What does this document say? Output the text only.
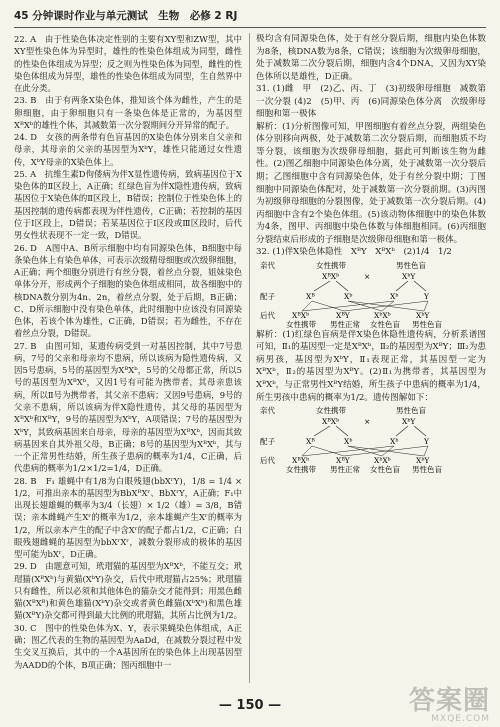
45 分钟课时作业与单元测试　生物　必修 2 RJ

22. A　由于性染色体决定性别的主要有XY型和ZW型，其中XY型性染色体为异型时，雄性的性染色体组成为同型，雌性的性染色体组成为异型；反之则为性染色体为同型，雌性的性染色体组成为异型，雄性的性染色体组成为同型，生自然界中在此分类。

23. B　由于有两条X染色体，推知该个体为雌性，产生的是卵细胞，由于卵细胞只有一条染色体是正常的，为基因型XᴮXᵇ的雄性个体，其减数第一次分裂期间分开异常的配子。

24. D　女孩的两条带有色盲基因的X染色体分别来自父亲和母亲，其母亲的父亲的基因型为XᵇY，雄性只能通过女性遗传，XᵇY母亲的X染色体上。

25. A　抗维生素D佝偻病为伴X显性遗传病，致病基因位于X染色体的Ⅱ区段上，A正确；红绿色盲为伴X隐性遗传病，致病基因位于X染色体的Ⅱ区段上，B错误；控制位于性染色体上的基因控制的遗传病都表现为伴性遗传，C正确；若控制的基因位于Ⅰ区段上，D错误；若某基因位于Ⅰ区段或Ⅲ区段时，后代男女性状表现不一定一致，D错误。

26. D　A图中A、B所示细胞中均有同源染色体，B细胞中每条染色体上有染色单体，可表示次级精母细胞或次级卵细胞，A正确；两个细胞分别进行有丝分裂，着丝点分裂，姐妹染色单体分开，形成两个子细胞的染色体组成相同，故各细胞中的核DNA数分别为4n、2n，着丝点分裂，处于后期，B正确；C、D所示细胞中没有染色单体，此时细胞中应该没有同源染色体，若该个体为雄性，C正确，D错误；若为雌性，不存在着丝点分裂，D错误。

27. B　由图可知，某遗传病受到一对基因控制，其中7号患病，7号的父亲和母亲均不患病，所以该病为隐性遗传病，又因5号患病，5号的基因型为XᴮXᵇ，5号的父母都正常，所以5号的基因型为XᴮXᵇ，又因1号有可能为携带者，其母亲患该病，所以Ⅱ号为携带者，其父亲不患病；又因9号患病，9号的父亲不患病，所以该病为伴X隐性遗传，其父母的基因型为XᴮXᵇ和XᴮY，9号的基因型为XᵇY，A项错误；7号的基因型为XᵇY，其致病基因来自母亲，母亲的基因型为XᴮXᵇ，因而其致病基因来自其外祖父母，B正确；8号的基因型为XᴮXᵇ，其与一个正常男性结婚，所生孩子患病的概率为1/4，C正确，后代患病的概率为1/2×1/2=1/4，D正确。

28. B　F₁ 雄蝇中有1/8为白眼残翅(bbXʳY)，1/8 = 1/4 × 1/2，可推出亲本的基因型为BbXᴿXʳ、BbXʳY，A正确；F₁中出现长翅雄蝇的概率为3/4（长翅）× 1/2（雄）= 3/8，B错误；亲本雌蝇产生Xʳ的概率为1/2，亲本雄蝇产生Xʳ的概率为1/2，所以亲本产生的配子中含Xʳ的配子都占1/2，C正确；白眼残翅雌蝇的基因型为bbXʳXʳ，减数分裂形成的极体的基因型可能为bXʳ，D正确。

29. D　由题意可知，玳瑁猫的基因型为XᴮXᵇ，不能互交；玳瑁猫(XᴮXᵇ)与黄猫(XᵇY)杂交，后代中玳瑁猫占25%；玳瑁猫只有雌性，所以必须和其他体色的猫杂交才能得到；用黑色雌猫(XᴮXᴮ)和黄色雄猫(XᵇY)杂交或者黄色雌猫(XᵇXᵇ)和黑色雄猫(XᴮY)杂交都可得到最大比例的玳瑁猫，其所占比例为1/2。

30. C　图中的性染色体为X、Y，表示果蝇染色体组成，A正确；图乙代表的生物的基因型为AaDd，在减数分裂过程中发生交叉互换后，其中的一个A基因所在的染色体上出现基因型为AADD的个体，B项正确；图丙细胞中一

极均含有同源染色体，处于有丝分裂后期，细胞内染色体数为8条，核DNA数为8条，C错误；该细胞为次级卵母细胞，处于减数第二次分裂后期，细胞内含4个DNA，又因为XY染色体所以是雄性，D正确。

31. (1)雌　甲　(2)乙、丙、丁　(3)初级卵母细胞　减数第一次分裂 (4)2　(5)甲、丙　(6)同源染色体分离　次级卵母细胞和第一极体

解析：(1)分析图像可知，甲图细胞有着丝点分裂，两组染色体分别移向两极，处于减数第二次分裂后期，而细胞质不均等分裂，该细胞为次级卵母细胞，据此可判断该生物为雌性。(2)图乙细胞中同源染色体分离，处于减数第一次分裂后期；乙图细胞中含有同源染色体，处于有丝分裂中期；丁图细胞中同源染色体配对，处于减数第一次分裂前期。(3)丙图为初级卵母细胞的分裂图像，处于减数第一次分裂后期。(4)丙细胞中含有2个染色体组。(5)该动物体细胞中的染色体数为4条，图甲、丙细胞中染色体数与体细胞相同。(6)丙细胞分裂结束后形成的子细胞是次级卵母细胞和第一极体。

32. (1)伴X染色体隐性　XᴮY　XᴮXᵇ　(2)1/4　1/2

亲代	女性携带	男性色盲
XᴮXᵇ	×	XᵇY
配子	Xᴮ	Xᵇ	Xᵇ	Y
后代 XᴮXᵇ	XᴮY	XᵇXᵇ	XᵇY
女性携带 男性正常 女性色盲 男性色盲

解析：(1)红绿色盲病是伴X染色体隐性遗传病，分析系谱图可知，Ⅱ₁的基因型一定是XᴮXᵇ，Ⅱ₂的基因型为XᴮY；Ⅲ₂为患病男孩，基因型为XᵇY，Ⅱ₁表现正常，其基因型一定为XᴮXᵇ，Ⅱ₂的基因型为XᴮY。(2)Ⅱ₁为携带者，其基因型为XᴮXᵇ，与正常男性XᴮY结婚，所生孩子中患病的概率为1/4，所生男孩中患病的概率为1/2。遗传图解如下：

亲代	女性携带	男性色盲
XᴮXᵇ	×	XᵇY
配子	Xᴮ	Xᵇ	Xᵇ	Y
后代 XᴮXᵇ	XᴮY	XᵇXᵇ	XᵇY
女性携带 男性正常 女性色盲 男性色盲
— 150 —	答案圈
MXQE.COM
